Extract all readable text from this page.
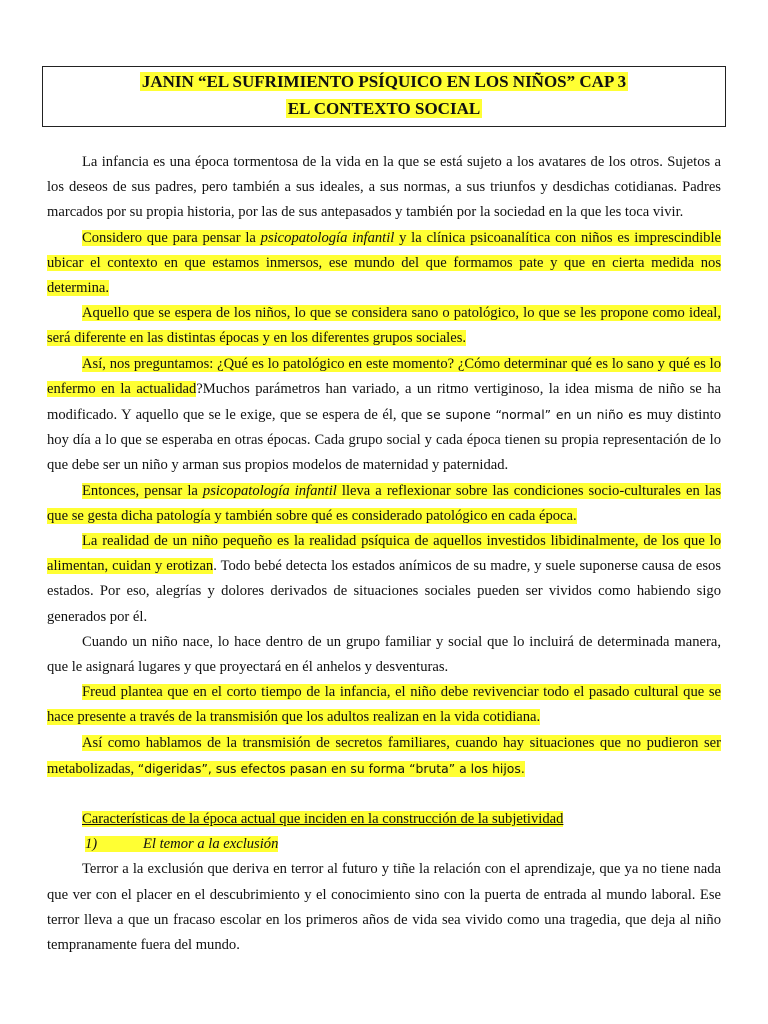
JANIN “EL SUFRIMIENTO PSÍQUICO EN LOS NIÑOS” CAP 3
EL CONTEXTO SOCIAL

La infancia es una época tormentosa de la vida en la que se está sujeto a los avatares de los otros. Sujetos a los deseos de sus padres, pero también a sus ideales, a sus normas, a sus triunfos y desdichas cotidianas. Padres marcados por su propia historia, por las de sus antepasados y también por la sociedad en la que les toca vivir.

Considero que para pensar la psicopatología infantil y la clínica psicoanalítica con niños es imprescindible ubicar el contexto en que estamos inmersos, ese mundo del que formamos pate y que en cierta medida nos determina.

Aquello que se espera de los niños, lo que se considera sano o patológico, lo que se les propone como ideal, será diferente en las distintas épocas y en los diferentes grupos sociales.

Así, nos preguntamos: ¿Qué es lo patológico en este momento? ¿Cómo determinar qué es lo sano y qué es lo enfermo en la actualidad?Muchos parámetros han variado, a un ritmo vertiginoso, la idea misma de niño se ha modificado. Y aquello que se le exige, que se espera de él, que se supone “normal” en un niño es muy distinto hoy día a lo que se esperaba en otras épocas. Cada grupo social y cada época tienen su propia representación de lo que debe ser un niño y arman sus propios modelos de maternidad y paternidad.

Entonces, pensar la psicopatología infantil lleva a reflexionar sobre las condiciones socio-culturales en las que se gesta dicha patología y también sobre qué es considerado patológico en cada época.

La realidad de un niño pequeño es la realidad psíquica de aquellos investidos libidinalmente, de los que lo alimentan, cuidan y erotizan. Todo bebé detecta los estados anímicos de su madre, y suele suponerse causa de esos estados. Por eso, alegrías y dolores derivados de situaciones sociales pueden ser vividos como habiendo sigo generados por él.

Cuando un niño nace, lo hace dentro de un grupo familiar y social que lo incluirá de determinada manera, que le asignará lugares y que proyectará en él anhelos y desventuras.

Freud plantea que en el corto tiempo de la infancia, el niño debe revivenciar todo el pasado cultural que se hace presente a través de la transmisión que los adultos realizan en la vida cotidiana.

Así como hablamos de la transmisión de secretos familiares, cuando hay situaciones que no pudieron ser metabolizadas, “digeridas”, sus efectos pasan en su forma “bruta” a los hijos.

Características de la época actual que inciden en la construcción de la subjetividad

1)	El temor a la exclusión

Terror a la exclusión que deriva en terror al futuro y tiñe la relación con el aprendizaje, que ya no tiene nada que ver con el placer en el descubrimiento y el conocimiento sino con la puerta de entrada al mundo laboral. Ese terror lleva a que un fracaso escolar en los primeros años de vida sea vivido como una tragedia, que deja al niño tempranamente fuera del mundo.
